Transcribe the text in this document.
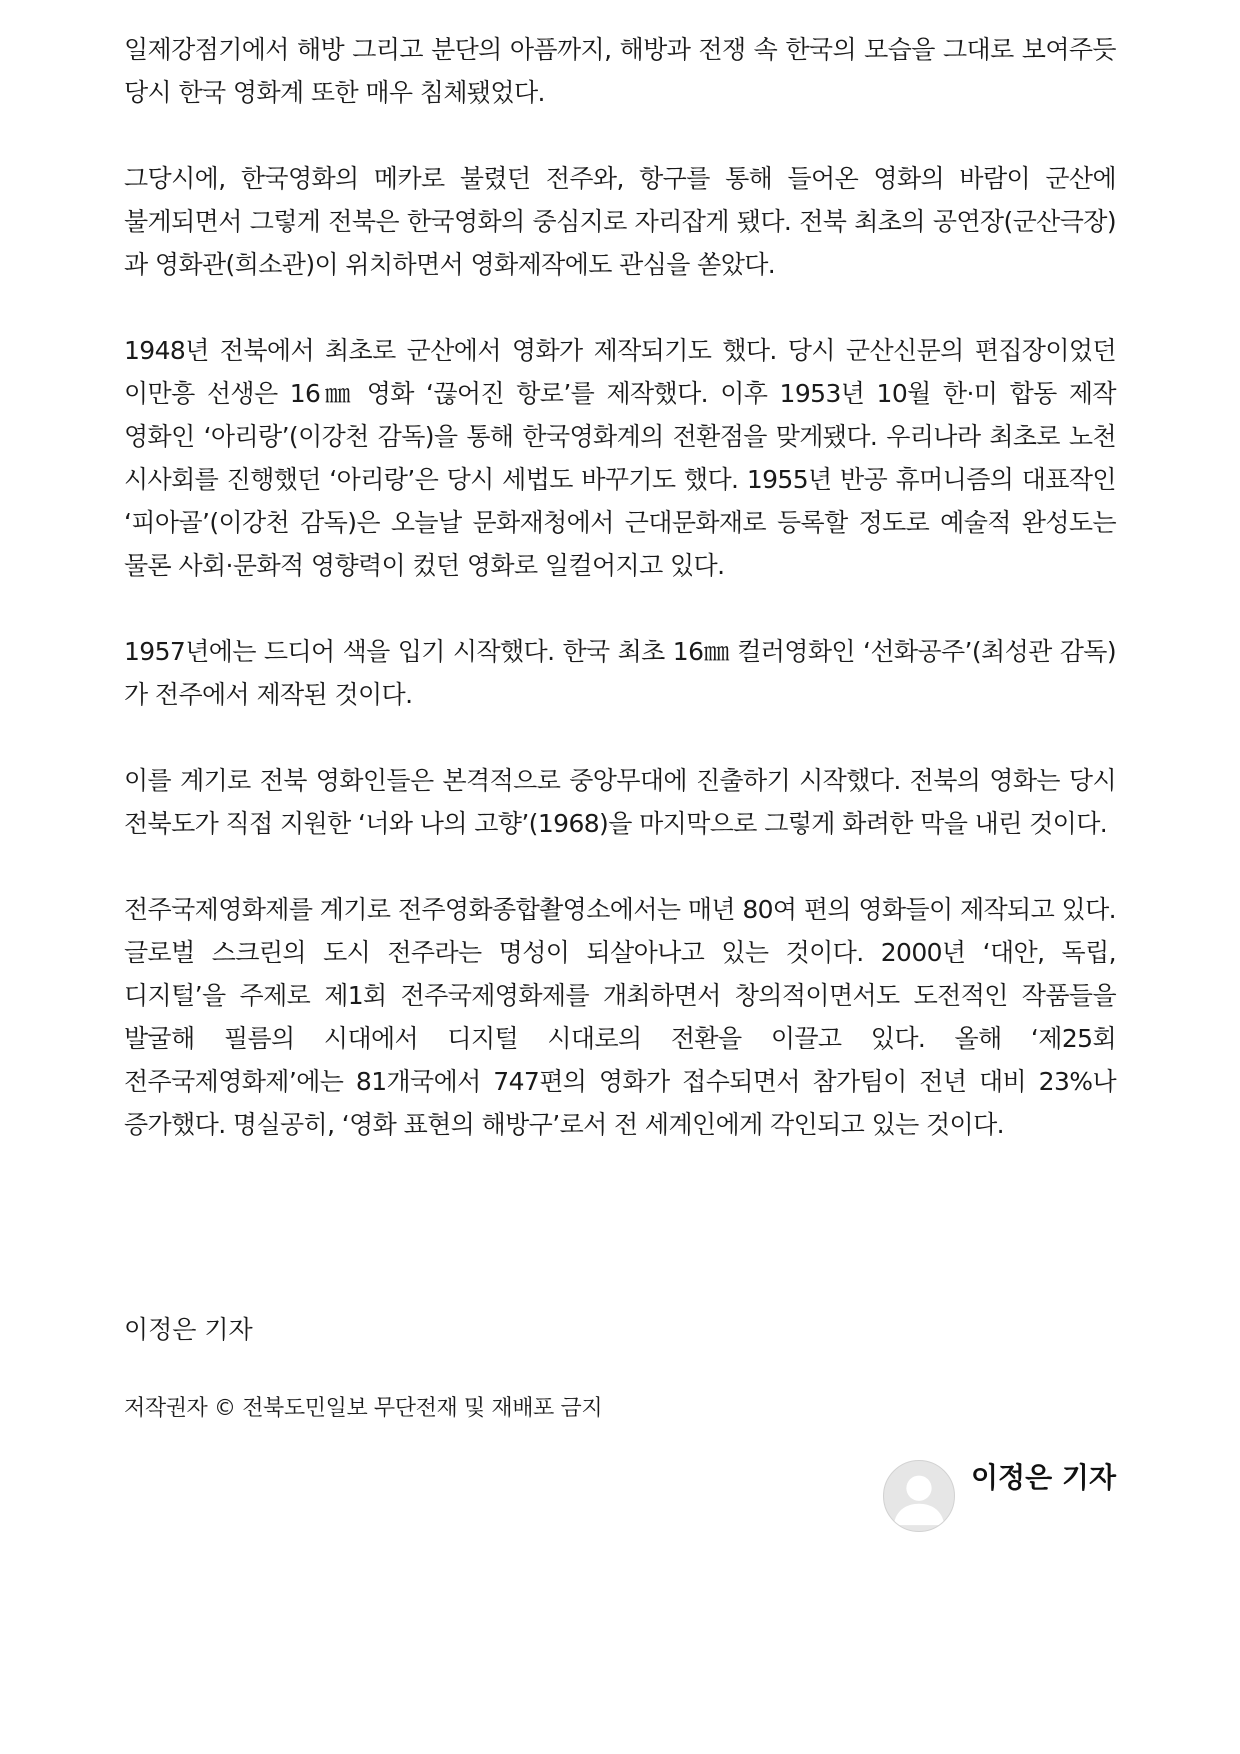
일제강점기에서 해방 그리고 분단의 아픔까지, 해방과 전쟁 속 한국의 모습을 그대로 보여주듯 당시 한국 영화계 또한 매우 침체됐었다.

그당시에, 한국영화의 메카로 불렸던 전주와, 항구를 통해 들어온 영화의 바람이 군산에 불게되면서 그렇게 전북은 한국영화의 중심지로 자리잡게 됐다. 전북 최초의 공연장(군산극장)과 영화관(희소관)이 위치하면서 영화제작에도 관심을 쏟았다.

1948년 전북에서 최초로 군산에서 영화가 제작되기도 했다. 당시 군산신문의 편집장이었던 이만흥 선생은 16㎜ 영화 ‘끊어진 항로’를 제작했다. 이후 1953년 10월 한·미 합동 제작 영화인 ‘아리랑’(이강천 감독)을 통해 한국영화계의 전환점을 맞게됐다. 우리나라 최초로 노천 시사회를 진행했던 ‘아리랑’은 당시 세법도 바꾸기도 했다. 1955년 반공 휴머니즘의 대표작인 ‘피아골’(이강천 감독)은 오늘날 문화재청에서 근대문화재로 등록할 정도로 예술적 완성도는 물론 사회·문화적 영향력이 컸던 영화로 일컬어지고 있다.

1957년에는 드디어 색을 입기 시작했다. 한국 최초 16㎜ 컬러영화인 ‘선화공주’(최성관 감독)가 전주에서 제작된 것이다.

이를 계기로 전북 영화인들은 본격적으로 중앙무대에 진출하기 시작했다. 전북의 영화는 당시 전북도가 직접 지원한 ‘너와 나의 고향’(1968)을 마지막으로 그렇게 화려한 막을 내린 것이다.

전주국제영화제를 계기로 전주영화종합촬영소에서는 매년 80여 편의 영화들이 제작되고 있다. 글로벌 스크린의 도시 전주라는 명성이 되살아나고 있는 것이다. 2000년 ‘대안, 독립, 디지털’을 주제로 제1회 전주국제영화제를 개최하면서 창의적이면서도 도전적인 작품들을 발굴해 필름의 시대에서 디지털 시대로의 전환을 이끌고 있다. 올해 ‘제25회 전주국제영화제’에는 81개국에서 747편의 영화가 접수되면서 참가팀이 전년 대비 23%나 증가했다. 명실공히, ‘영화 표현의 해방구’로서 전 세계인에게 각인되고 있는 것이다.

이정은 기자

저작권자 © 전북도민일보 무단전재 및 재배포 금지

이정은 기자
